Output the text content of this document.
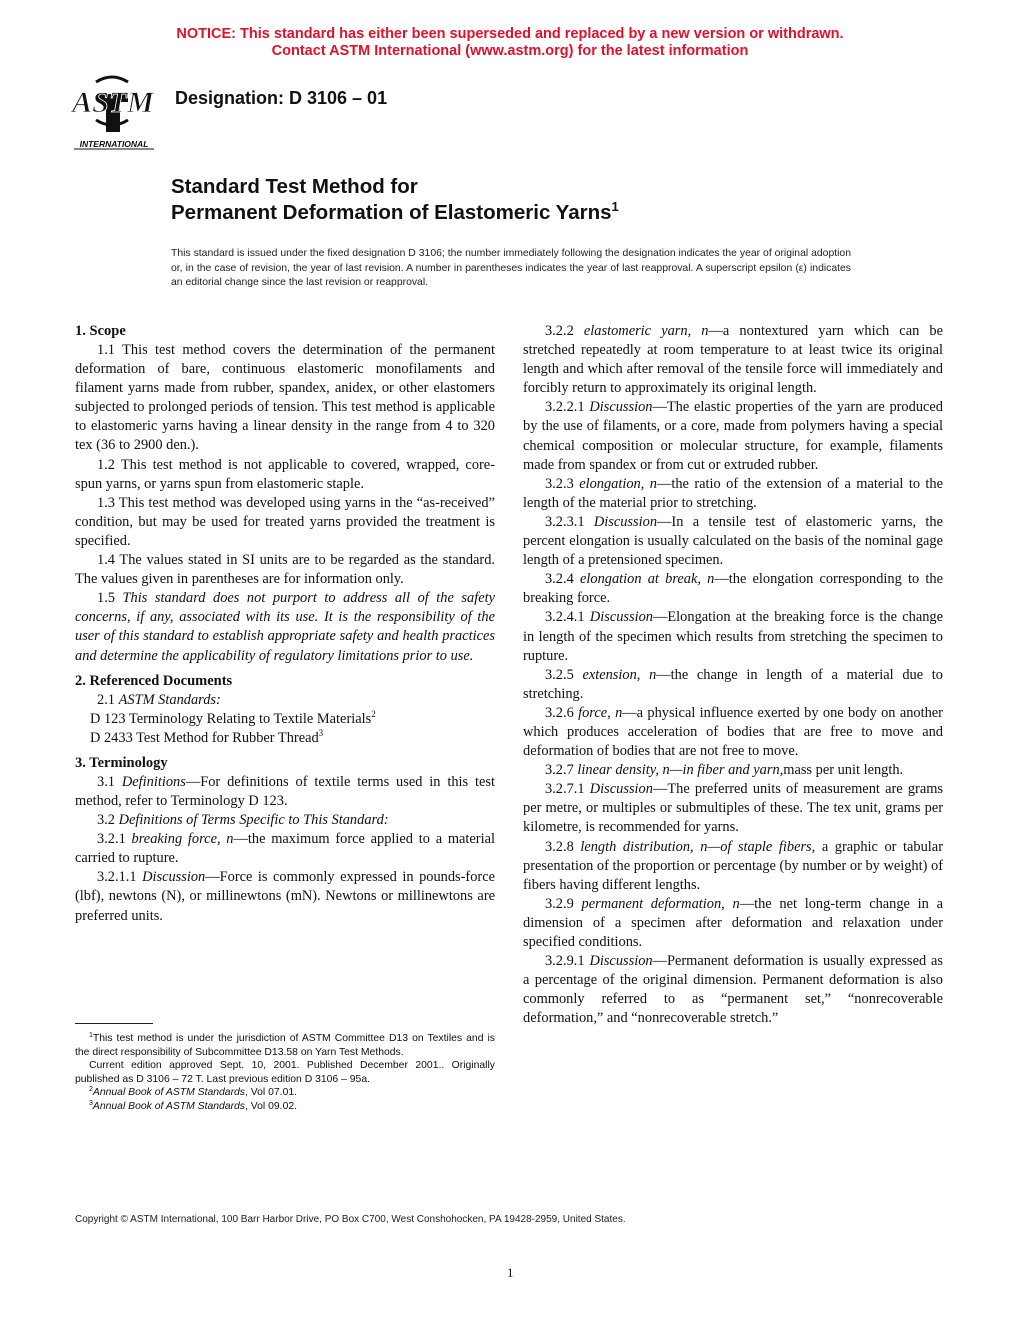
NOTICE: This standard has either been superseded and replaced by a new version or withdrawn.
Contact ASTM International (www.astm.org) for the latest information
ASTM
INTERNATIONAL
Designation: D 3106 – 01
Standard Test Method for
Permanent Deformation of Elastomeric Yarns$^1$
This standard is issued under the fixed designation D 3106; the number immediately following the designation indicates the year of original adoption or, in the case of revision, the year of last revision. A number in parentheses indicates the year of last reapproval. A superscript epsilon (ε) indicates an editorial change since the last revision or reapproval.
1. Scope

1.1 This test method covers the determination of the permanent deformation of bare, continuous elastomeric monofilaments and filament yarns made from rubber, spandex, anidex, or other elastomers subjected to prolonged periods of tension. This test method is applicable to elastomeric yarns having a linear density in the range from 4 to 320 tex (36 to 2900 den.).

1.2 This test method is not applicable to covered, wrapped, core-spun yarns, or yarns spun from elastomeric staple.

1.3 This test method was developed using yarns in the “as-received” condition, but may be used for treated yarns provided the treatment is specified.

1.4 The values stated in SI units are to be regarded as the standard. The values given in parentheses are for information only.

1.5 This standard does not purport to address all of the safety concerns, if any, associated with its use. It is the responsibility of the user of this standard to establish appropriate safety and health practices and determine the applicability of regulatory limitations prior to use.

2. Referenced Documents

2.1 ASTM Standards:

D 123 Terminology Relating to Textile Materials$^2$

D 2433 Test Method for Rubber Thread$^3$

3. Terminology

3.1 Definitions—For definitions of textile terms used in this test method, refer to Terminology D 123.

3.2 Definitions of Terms Specific to This Standard:

3.2.1 breaking force, n—the maximum force applied to a material carried to rupture.

3.2.1.1 Discussion—Force is commonly expressed in pounds-force (lbf), newtons (N), or millinewtons (mN). Newtons or millinewtons are preferred units.

3.2.2 elastomeric yarn, n—a nontextured yarn which can be stretched repeatedly at room temperature to at least twice its original length and which after removal of the tensile force will immediately and forcibly return to approximately its original length.

3.2.2.1 Discussion—The elastic properties of the yarn are produced by the use of filaments, or a core, made from polymers having a special chemical composition or molecular structure, for example, filaments made from spandex or from cut or extruded rubber.

3.2.3 elongation, n—the ratio of the extension of a material to the length of the material prior to stretching.

3.2.3.1 Discussion—In a tensile test of elastomeric yarns, the percent elongation is usually calculated on the basis of the nominal gage length of a pretensioned specimen.

3.2.4 elongation at break, n—the elongation corresponding to the breaking force.

3.2.4.1 Discussion—Elongation at the breaking force is the change in length of the specimen which results from stretching the specimen to rupture.

3.2.5 extension, n—the change in length of a material due to stretching.

3.2.6 force, n—a physical influence exerted by one body on another which produces acceleration of bodies that are free to move and deformation of bodies that are not free to move.

3.2.7 linear density, n—in fiber and yarn,mass per unit length.

3.2.7.1 Discussion—The preferred units of measurement are grams per metre, or multiples or submultiples of these. The tex unit, grams per kilometre, is recommended for yarns.

3.2.8 length distribution, n—of staple fibers, a graphic or tabular presentation of the proportion or percentage (by number or by weight) of fibers having different lengths.

3.2.9 permanent deformation, n—the net long-term change in a dimension of a specimen after deformation and relaxation under specified conditions.

3.2.9.1 Discussion—Permanent deformation is usually expressed as a percentage of the original dimension. Permanent deformation is also commonly referred to as “permanent set,” “nonrecoverable deformation,” and “nonrecoverable stretch.”

$^1$This test method is under the jurisdiction of ASTM Committee D13 on Textiles and is the direct responsibility of Subcommittee D13.58 on Yarn Test Methods.

Current edition approved Sept. 10, 2001. Published December 2001.. Originally published as D 3106 – 72 T. Last previous edition D 3106 – 95a.

$^2$Annual Book of ASTM Standards, Vol 07.01.

$^3$Annual Book of ASTM Standards, Vol 09.02.

Copyright © ASTM International, 100 Barr Harbor Drive, PO Box C700, West Conshohocken, PA 19428-2959, United States.
1
